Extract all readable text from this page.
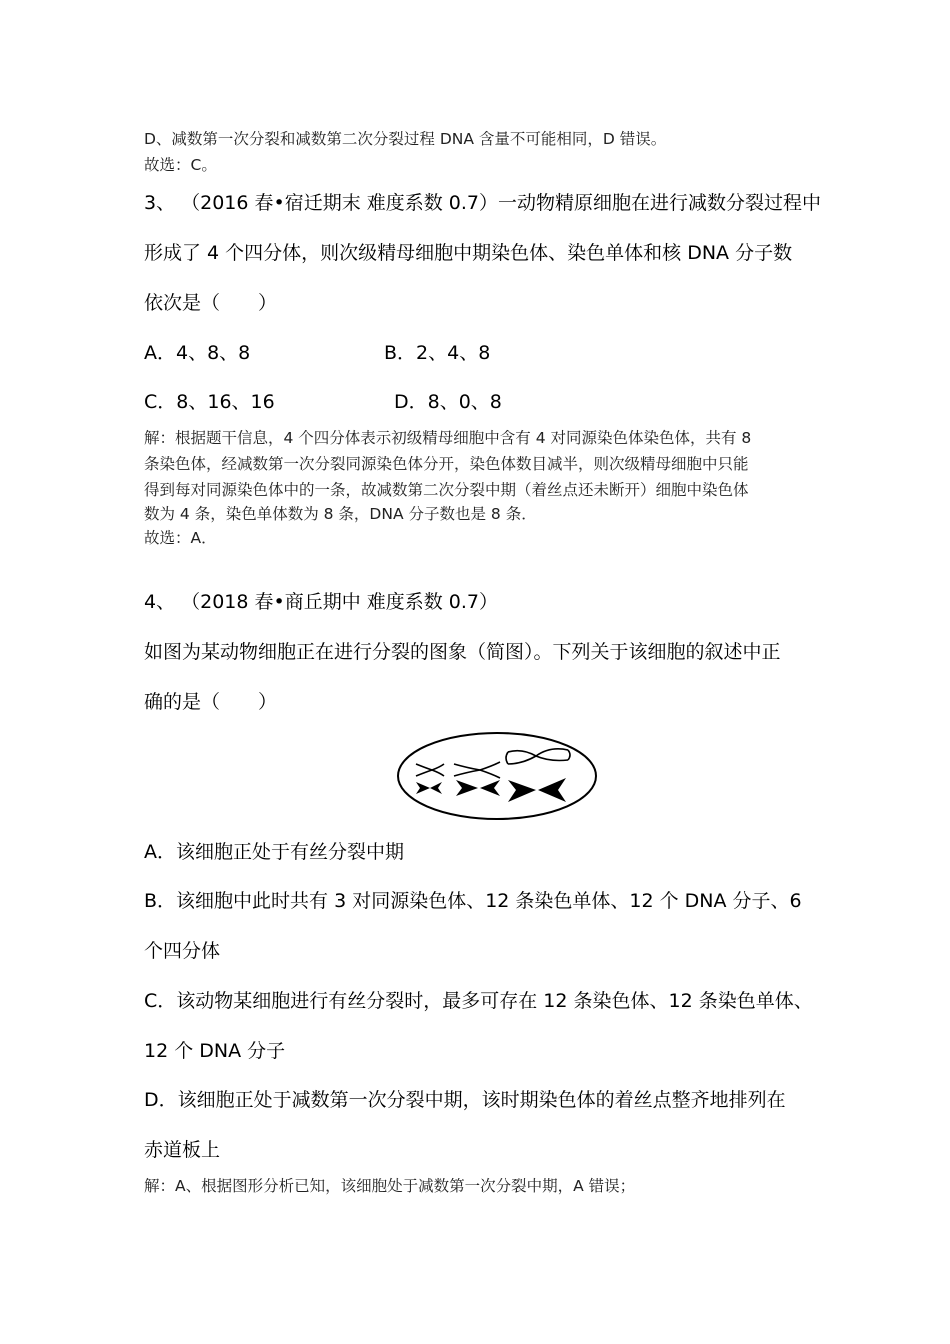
D、减数第一次分裂和减数第二次分裂过程 DNA 含量不可能相同，D 错误。
故选：C。
3、 （2016 春•宿迁期末 难度系数 0.7）一动物精原细胞在进行减数分裂过程中
形成了 4 个四分体，则次级精母细胞中期染色体、染色单体和核 DNA 分子数
依次是（　　）
A．4、8、8	B．2、4、8
C．8、16、16	D．8、0、8
解：根据题干信息，4 个四分体表示初级精母细胞中含有 4 对同源染色体染色体，共有 8
条染色体，经减数第一次分裂同源染色体分开，染色体数目减半，则次级精母细胞中只能
得到每对同源染色体中的一条，故减数第二次分裂中期（着丝点还未断开）细胞中染色体
数为 4 条，染色单体数为 8 条，DNA 分子数也是 8 条．
故选：A．
4、 （2018 春•商丘期中 难度系数 0.7）
如图为某动物细胞正在进行分裂的图象（简图）。下列关于该细胞的叙述中正
确的是（　　）
A．该细胞正处于有丝分裂中期
B．该细胞中此时共有 3 对同源染色体、12 条染色单体、12 个 DNA 分子、6
个四分体
C．该动物某细胞进行有丝分裂时，最多可存在 12 条染色体、12 条染色单体、
12 个 DNA 分子
D．该细胞正处于减数第一次分裂中期，该时期染色体的着丝点整齐地排列在
赤道板上
解：A、根据图形分析已知，该细胞处于减数第一次分裂中期，A 错误；
